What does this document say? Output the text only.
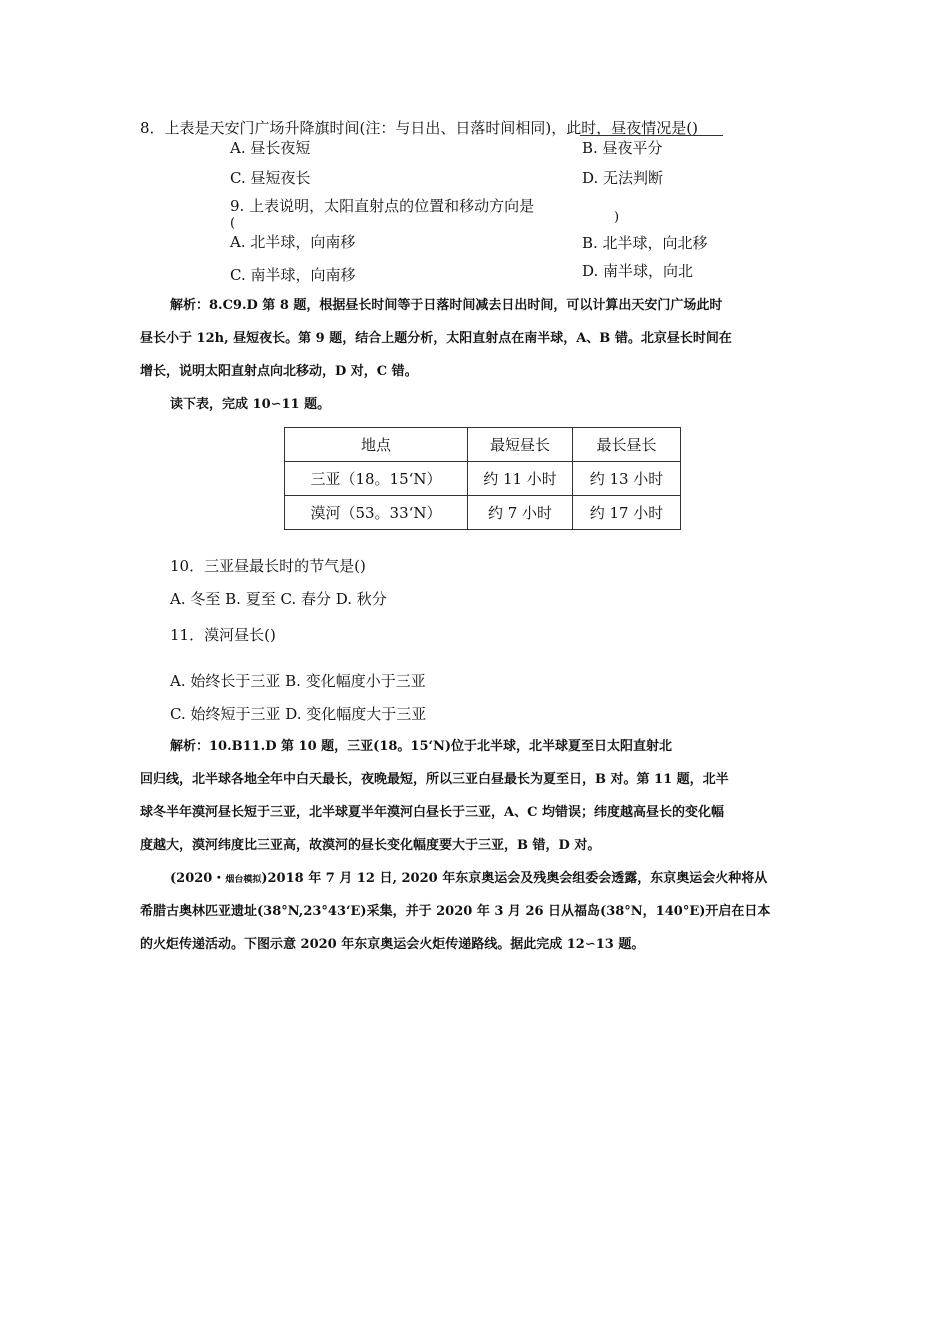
8．上表是天安门广场升降旗时间(注：与日出、日落时间相同)，此时，昼夜情况是()
A. 昼长夜短	B. 昼夜平分
C. 昼短夜长	D. 无法判断
9. 上表说明，太阳直射点的位置和移动方向是
(	)
A. 北半球，向南移	B. 北半球，向北移
C. 南半球，向南移	D. 南半球，向北
解析：8.C9.D 第 8 题，根据昼长时间等于日落时间减去日出时间，可以计算出天安门广场此时
昼长小于 12h, 昼短夜长。第 9 题，结合上题分析，太阳直射点在南半球，A、B 错。北京昼长时间在
增长，说明太阳直射点向北移动，D 对，C 错。
读下表，完成 10∽11 题。
地点	最短昼长	最长昼长
三亚（18。15‘N）	约 11 小时	约 13 小时
漠河（53。33‘N）	约 7 小时	约 17 小时
10．三亚昼最长时的节气是()
A. 冬至 B. 夏至 C. 春分 D. 秋分
11．漠河昼长()
A. 始终长于三亚 B. 变化幅度小于三亚
C. 始终短于三亚 D. 变化幅度大于三亚
解析：10.B11.D 第 10 题，三亚(18。15‘N)位于北半球，北半球夏至日太阳直射北
回归线，北半球各地全年中白天最长，夜晚最短，所以三亚白昼最长为夏至日，B 对。第 11 题，北半
球冬半年漠河昼长短于三亚，北半球夏半年漠河白昼长于三亚，A、C 均错误；纬度越高昼长的变化幅
度越大，漠河纬度比三亚高，故漠河的昼长变化幅度要大于三亚，B 错，D 对。
(2020・烟台模拟)2018 年 7 月 12 日, 2020 年东京奥运会及残奥会组委会透露，东京奥运会火种将从
希腊古奥林匹亚遗址(38°N,23°43‘E)采集，并于 2020 年 3 月 26 日从福岛(38°N，140°E)开启在日本
的火炬传递活动。下图示意 2020 年东京奥运会火炬传递路线。据此完成 12∽13 题。
